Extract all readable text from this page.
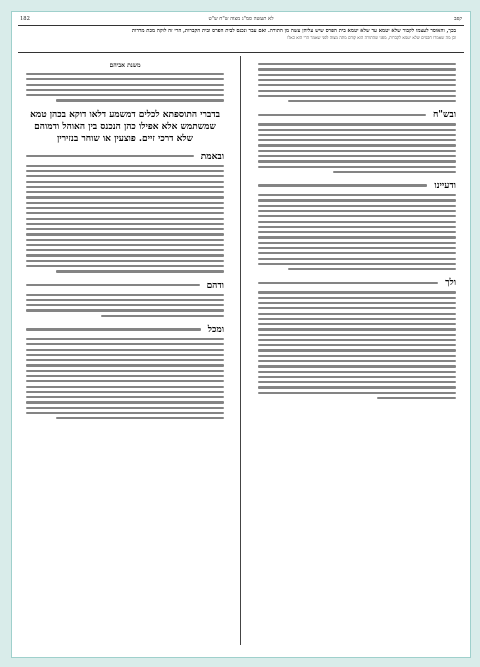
קפב
לא תעשה סמ"ג מצוה ש"ח ש"ט
182
בכך, והאוסר לעצמו לקבור שלא יטמא עד שלא יטמא בית הפרס שיש עליהן עשה מן התורה. ואם עבר ונכנס לבית הפרס ובית הקברות, הרי זה לוקה מכת מרדות
וכן מה שאמרו חכמים שלא יטמא לקברות, מפני שהתורה הוא קודם מתה מצוה לפני שאמר הרי הוא כאלו
ובש"ח
ודעיינו
ולך
משנת אביהם
בדברי התוספתא לכלים דמשמע דלאו דוקא בכהן טמא שמשתמש אלא אפילו כהן הנכנס בין האוהל ודמוהם שלא דרכי זיים. פוצעין או שוחר בנזירין
ובאמת
ודהם
ומכל
